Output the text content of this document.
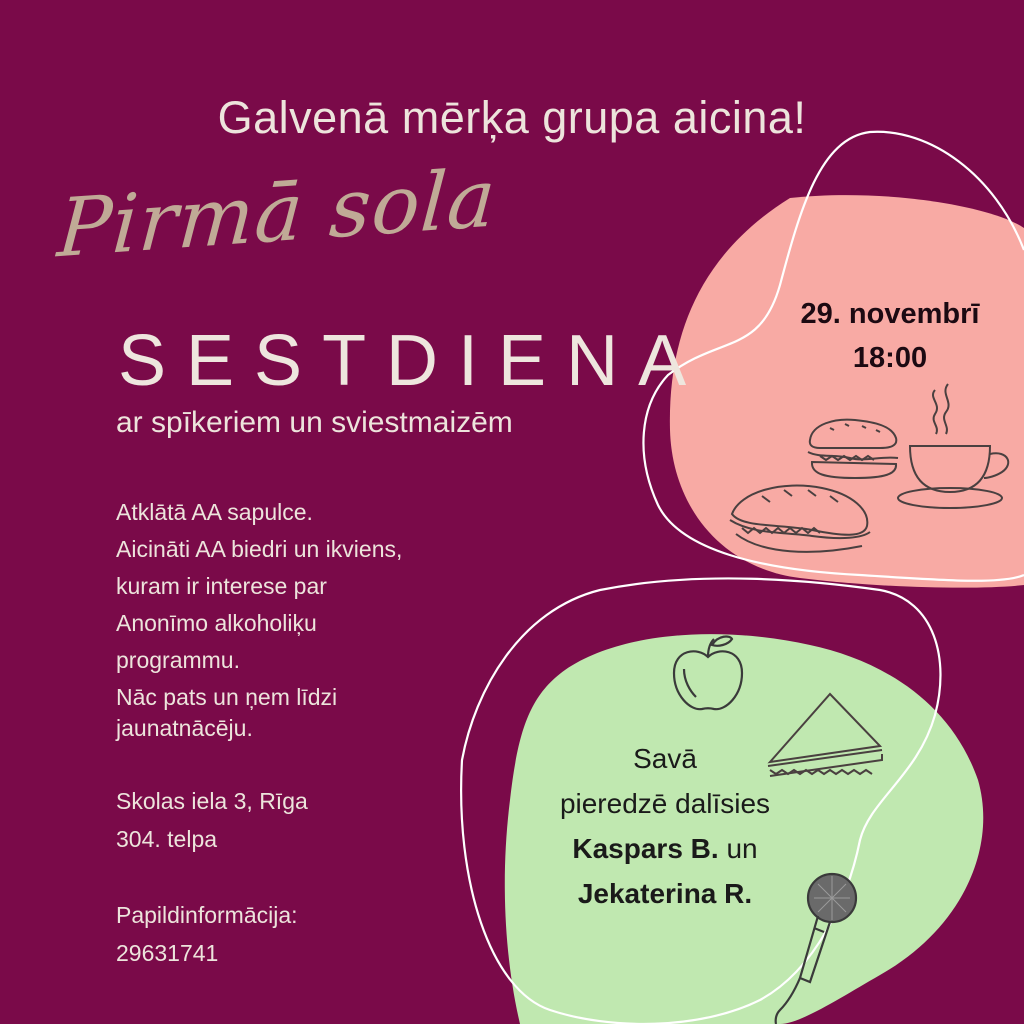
Galvenā mērķa grupa aicina!
Pirmā sola
SESTDIENA
ar spīkeriem un sviestmaizēm
Atklātā AA sapulce.
Aicināti AA biedri un ikviens,
kuram ir interese par
Anonīmo alkoholiķu
programmu.
Nāc pats un ņem līdzi
jaunatnācēju.
Skolas iela 3, Rīga
304. telpa
Papildinformācija:
29631741
29. novembrī
18:00
Savā
pieredzē dalīsies
Kaspars B. un
Jekaterina R.
